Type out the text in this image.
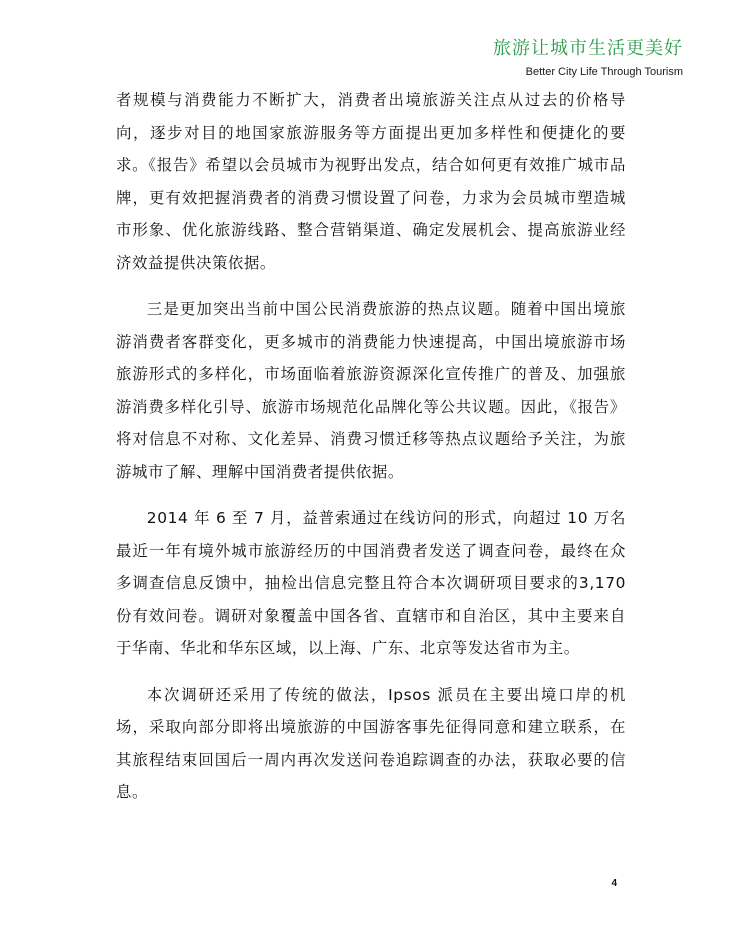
旅游让城市生活更美好
Better City Life Through Tourism

者规模与消费能力不断扩大，消费者出境旅游关注点从过去的价格导向，逐步对目的地国家旅游服务等方面提出更加多样性和便捷化的要求。《报告》希望以会员城市为视野出发点，结合如何更有效推广城市品牌，更有效把握消费者的消费习惯设置了问卷，力求为会员城市塑造城市形象、优化旅游线路、整合营销渠道、确定发展机会、提高旅游业经济效益提供决策依据。

三是更加突出当前中国公民消费旅游的热点议题。随着中国出境旅游消费者客群变化，更多城市的消费能力快速提高，中国出境旅游市场旅游形式的多样化，市场面临着旅游资源深化宣传推广的普及、加强旅游消费多样化引导、旅游市场规范化品牌化等公共议题。因此，《报告》将对信息不对称、文化差异、消费习惯迁移等热点议题给予关注，为旅游城市了解、理解中国消费者提供依据。

2014 年 6 至 7 月，益普索通过在线访问的形式，向超过 10 万名最近一年有境外城市旅游经历的中国消费者发送了调查问卷，最终在众多调查信息反馈中，抽检出信息完整且符合本次调研项目要求的3,170 份有效问卷。调研对象覆盖中国各省、直辖市和自治区，其中主要来自于华南、华北和华东区域，以上海、广东、北京等发达省市为主。

本次调研还采用了传统的做法，Ipsos 派员在主要出境口岸的机场，采取向部分即将出境旅游的中国游客事先征得同意和建立联系，在其旅程结束回国后一周内再次发送问卷追踪调查的办法，获取必要的信息。

4
